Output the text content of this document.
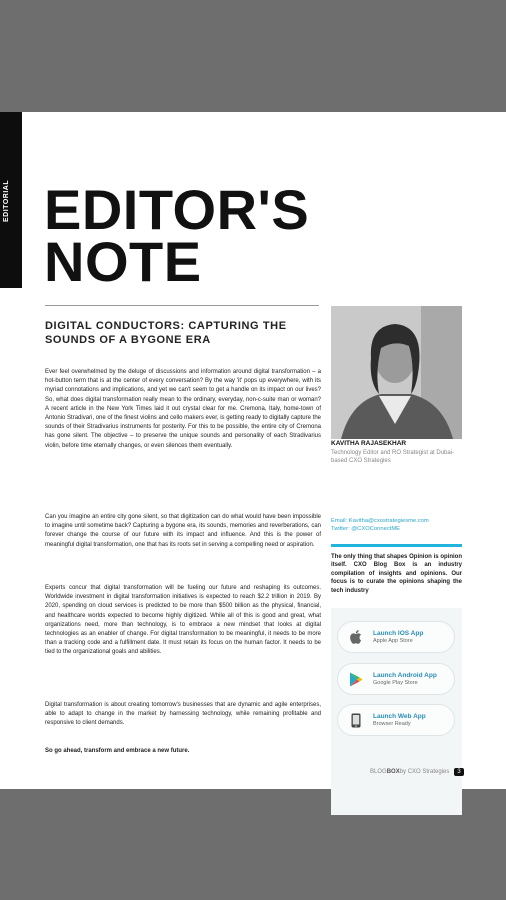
EDITORIAL EDITOR'S
NOTE
DIGITAL CONDUCTORS: CAPTURING THE SOUNDS OF A BYGONE ERA

Ever feel overwhelmed by the deluge of discussions and information around digital transformation – a hot-button term that is at the center of every conversation? By the way 'it' pops up everywhere, with its myriad connotations and implications, and yet we can't seem to get a handle on its impact on our lives? So, what does digital transformation really mean to the ordinary, everyday, non-c-suite man or woman? A recent article in the New York Times laid it out crystal clear for me. Cremona, Italy, home-town of Antonio Stradivari, one of the finest violins and cello makers ever, is getting ready to digitally capture the sounds of their Stradivarius instruments for posterity. For this to be possible, the entire city of Cremona has gone silent. The objective – to preserve the unique sounds and personality of each Stradivarius violin, before time eternally changes, or even silences them eventually.

Can you imagine an entire city gone silent, so that digitization can do what would have been impossible to imagine until sometime back? Capturing a bygone era, its sounds, memories and reverberations, can forever change the course of our future with its impact and influence. And this is the power of meaningful digital transformation, one that has its roots set in serving a compelling need or aspiration.

Experts concur that digital transformation will be fueling our future and reshaping its outcomes. Worldwide investment in digital transformation initiatives is expected to reach $2.2 trillion in 2019. By 2020, spending on cloud services is predicted to be more than $500 billion as the physical, financial, and healthcare worlds expected to become highly digitized. While all of this is good and great, what organizations need, more than technology, is to embrace a new mindset that looks at digital technologies as an enabler of change. For digital transformation to be meaningful, it needs to be more than a tracking code and a fulfillment date. It must retain its focus on the human factor. It needs to be tied to the organizational goals and abilities.

Digital transformation is about creating tomorrow's businesses that are dynamic and agile enterprises, able to adapt to change in the market by harnessing technology, while remaining profitable and responsive to client demands.

So go ahead, transform and embrace a new future.

KAVITHA RAJASEKHAR
Technology Editor and RO Strategist at Dubai-based CXO Strategies
Email: Kavitha@cxostrategiesme.com
Twitter: @CXOConnectME
The only thing that shapes Opinion is opinion itself. CXO Blog Box is an industry compilation of insights and opinions. Our focus is to curate the opinions shaping the tech industry
Launch IOS App
Apple App Store
Launch Android App
Google Play Store
Launch Web App
Browser Ready
BLOG BOX by CXO Strategies	3
